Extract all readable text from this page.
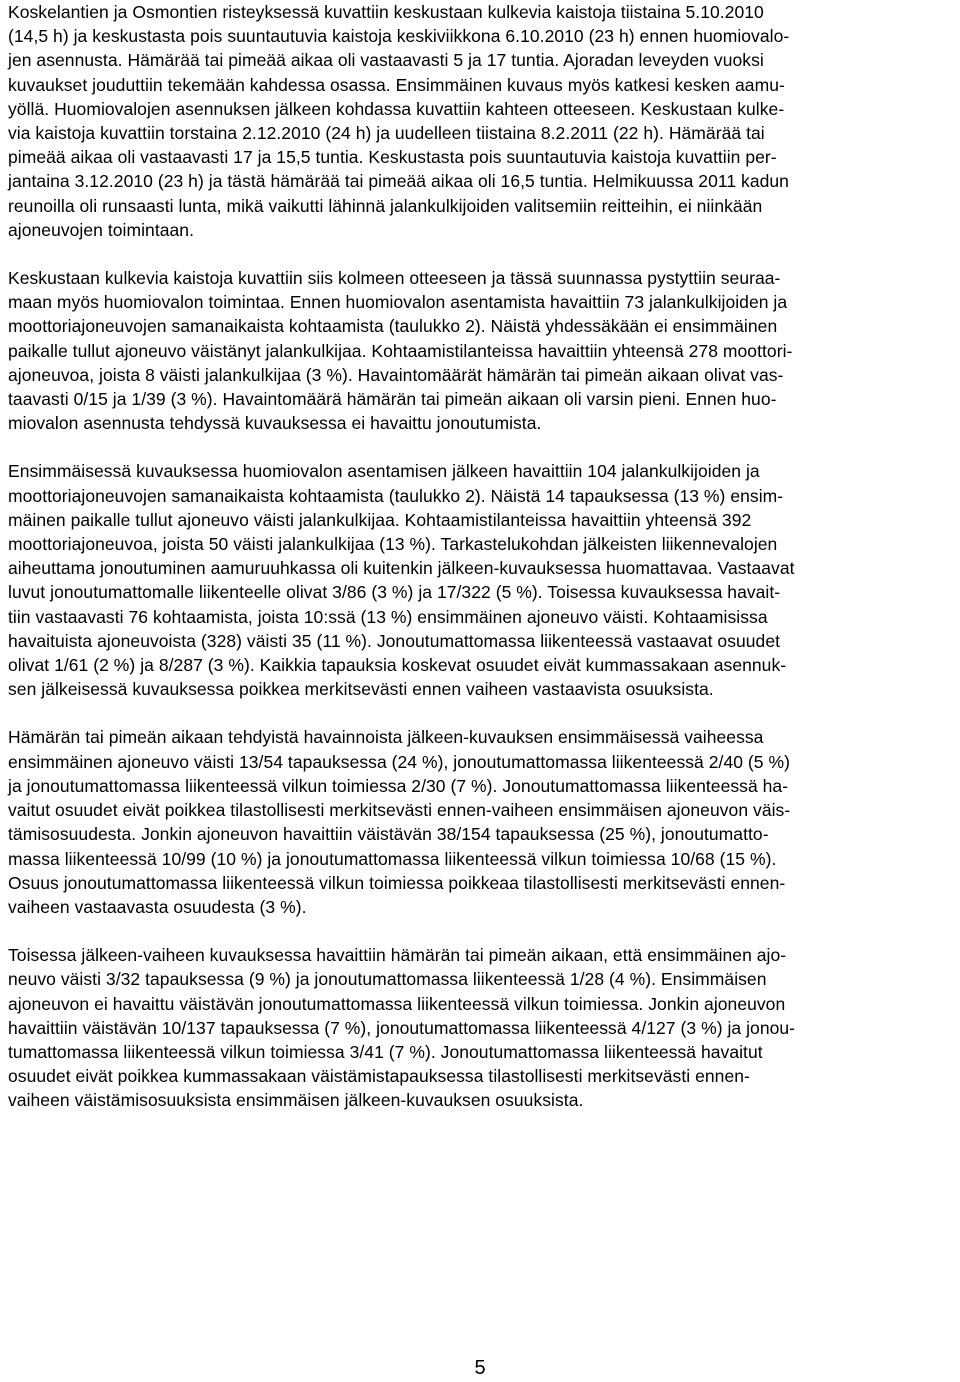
Koskelantien ja Osmontien risteyksessä kuvattiin keskustaan kulkevia kaistoja tiistaina 5.10.2010
(14,5 h) ja keskustasta pois suuntautuvia kaistoja keskiviikkona 6.10.2010 (23 h) ennen huomiovalo-
jen asennusta. Hämärää tai pimeää aikaa oli vastaavasti 5 ja 17 tuntia. Ajoradan leveyden vuoksi
kuvaukset jouduttiin tekemään kahdessa osassa. Ensimmäinen kuvaus myös katkesi kesken aamu-
yöllä. Huomiovalojen asennuksen jälkeen kohdassa kuvattiin kahteen otteeseen. Keskustaan kulke-
via kaistoja kuvattiin torstaina 2.12.2010 (24 h) ja uudelleen tiistaina 8.2.2011 (22 h). Hämärää tai
pimeää aikaa oli vastaavasti 17 ja 15,5 tuntia. Keskustasta pois suuntautuvia kaistoja kuvattiin per-
jantaina 3.12.2010 (23 h) ja tästä hämärää tai pimeää aikaa oli 16,5 tuntia. Helmikuussa 2011 kadun
reunoilla oli runsaasti lunta, mikä vaikutti lähinnä jalankulkijoiden valitsemiin reitteihin, ei niinkään
ajoneuvojen toimintaan.
Keskustaan kulkevia kaistoja kuvattiin siis kolmeen otteeseen ja tässä suunnassa pystyttiin seuraa-
maan myös huomiovalon toimintaa. Ennen huomiovalon asentamista havaittiin 73 jalankulkijoiden ja
moottoriajoneuvojen samanaikaista kohtaamista (taulukko 2). Näistä yhdessäkään ei ensimmäinen
paikalle tullut ajoneuvo väistänyt jalankulkijaa. Kohtaamistilanteissa havaittiin yhteensä 278 moottori-
ajoneuvoa, joista 8 väisti jalankulkijaa (3 %). Havaintomäärät hämärän tai pimeän aikaan olivat vas-
taavasti 0/15 ja 1/39 (3 %). Havaintomäärä hämärän tai pimeän aikaan oli varsin pieni. Ennen huo-
miovalon asennusta tehdyssä kuvauksessa ei havaittu jonoutumista.
Ensimmäisessä kuvauksessa huomiovalon asentamisen jälkeen havaittiin 104 jalankulkijoiden ja
moottoriajoneuvojen samanaikaista kohtaamista (taulukko 2). Näistä 14 tapauksessa (13 %) ensim-
mäinen paikalle tullut ajoneuvo väisti jalankulkijaa. Kohtaamistilanteissa havaittiin yhteensä 392
moottoriajoneuvoa, joista 50 väisti jalankulkijaa (13 %). Tarkastelukohdan jälkeisten liikennevalojen
aiheuttama jonoutuminen aamuruuhkassa oli kuitenkin jälkeen-kuvauksessa huomattavaa. Vastaavat
luvut jonoutumattomalle liikenteelle olivat 3/86 (3 %) ja 17/322 (5 %). Toisessa kuvauksessa havait-
tiin vastaavasti 76 kohtaamista, joista 10:ssä (13 %) ensimmäinen ajoneuvo väisti. Kohtaamisissa
havaituista ajoneuvoista (328) väisti 35 (11 %). Jonoutumattomassa liikenteessä vastaavat osuudet
olivat 1/61 (2 %) ja 8/287 (3 %). Kaikkia tapauksia koskevat osuudet eivät kummassakaan asennuk-
sen jälkeisessä kuvauksessa poikkea merkitsevästi ennen vaiheen vastaavista osuuksista.
Hämärän tai pimeän aikaan tehdyistä havainnoista jälkeen-kuvauksen ensimmäisessä vaiheessa
ensimmäinen ajoneuvo väisti 13/54 tapauksessa (24 %), jonoutumattomassa liikenteessä 2/40 (5 %)
ja jonoutumattomassa liikenteessä vilkun toimiessa 2/30 (7 %). Jonoutumattomassa liikenteessä ha-
vaitut osuudet eivät poikkea tilastollisesti merkitsevästi ennen-vaiheen ensimmäisen ajoneuvon väis-
tämisosuudesta. Jonkin ajoneuvon havaittiin väistävän 38/154 tapauksessa (25 %), jonoutumatto-
massa liikenteessä 10/99 (10 %) ja jonoutumattomassa liikenteessä vilkun toimiessa 10/68 (15 %).
Osuus jonoutumattomassa liikenteessä vilkun toimiessa poikkeaa tilastollisesti merkitsevästi ennen-
vaiheen vastaavasta osuudesta (3 %).
Toisessa jälkeen-vaiheen kuvauksessa havaittiin hämärän tai pimeän aikaan, että ensimmäinen ajo-
neuvo väisti 3/32 tapauksessa (9 %) ja jonoutumattomassa liikenteessä 1/28 (4 %). Ensimmäisen
ajoneuvon ei havaittu väistävän jonoutumattomassa liikenteessä vilkun toimiessa. Jonkin ajoneuvon
havaittiin väistävän 10/137 tapauksessa (7 %), jonoutumattomassa liikenteessä 4/127 (3 %) ja jonou-
tumattomassa liikenteessä vilkun toimiessa 3/41 (7 %). Jonoutumattomassa liikenteessä havaitut
osuudet eivät poikkea kummassakaan väistämistapauksessa tilastollisesti merkitsevästi ennen-
vaiheen väistämisosuuksista ensimmäisen jälkeen-kuvauksen osuuksista.
5
